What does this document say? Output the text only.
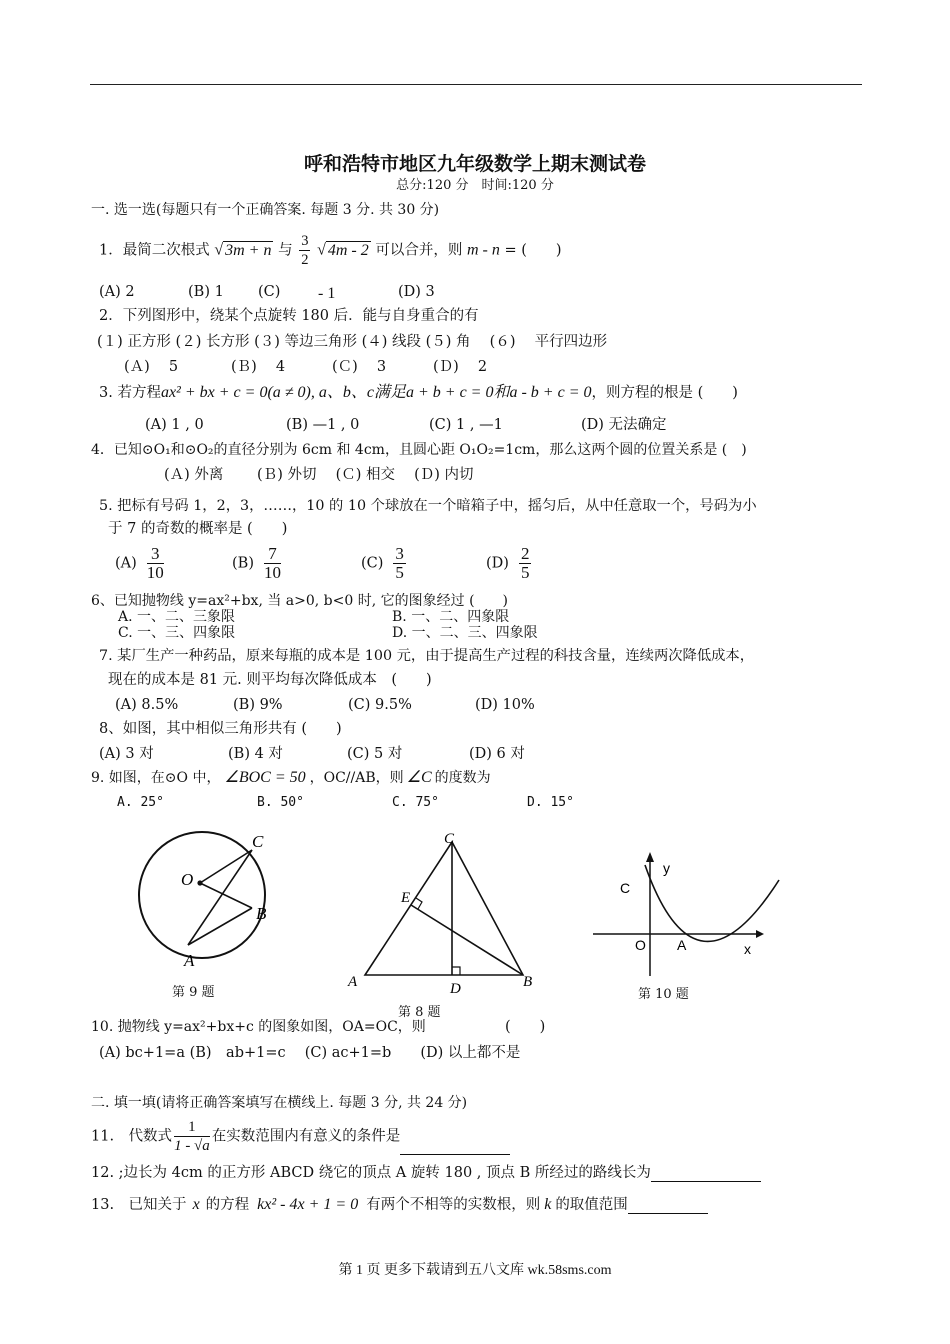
呼和浩特市地区九年级数学上期末测试卷
总分:120 分　时间:120 分
一. 选一选(每题只有一个正确答案. 每题 3 分. 共 30 分)
1．最简二次根式 √ 3m + n 与 $\frac{3}{2}$ √ 4m - 2 可以合并，则 m - n = (　　)
(A) 2	(B) 1 (C) - 1	(D) 3
2．下列图形中，绕某个点旋转 180 后．能与自身重合的有
(１) 正方形 (２) 长方形 (３) 等边三角形 (４) 线段 (５) 角　 (６)　 平行四边形
(Ａ)　 5	(Ｂ)　 4	(Ｃ)　 3	(Ｄ)　 2
3. 若方程ax² + bx + c = 0(a ≠ 0), a、b、c满足a + b + c = 0和a - b + c = 0，则方程的根是 (　　)
(A) 1 , 0	(B) —1 , 0	(C) 1 , —1	(D) 无法确定
4．已知⊙O₁和⊙O₂的直径分别为 6cm 和 4cm，且圆心距 O₁O₂=1cm，那么这两个圆的位置关系是 (　)
(Ａ) 外离　　 (Ｂ) 外切　 (Ｃ) 相交　 (Ｄ) 内切
5. 把标有号码 1，2，3，……，10 的 10 个球放在一个暗箱子中，摇匀后，从中任意取一个，号码为小
于 7 的奇数的概率是 (　　)
$(A) \frac{3}{10}$	$(B) \frac{7}{10}$	$(C) \frac{3}{5}$	$(D) \frac{2}{5}$
6、已知抛物线 y=ax²+bx, 当 a>0, b<0 时, 它的图象经过 (　　)
A. 一、二、三象限	B. 一、二、四象限
C. 一、三、四象限	D. 一、二、三、四象限
7. 某厂生产一种药品，原来每瓶的成本是 100 元，由于提高生产过程的科技含量，连续两次降低成本，
现在的成本是 81 元. 则平均每次降低成本　(　　)
(A) 8.5%	(B) 9%	(C) 9.5%	(D) 10%
8、如图，其中相似三角形共有 (　　)
(A) 3 对	(B) 4 对	(C) 5 对	(D) 6 对
9. 如图，在⊙O 中， ∠BOC = 50 ，OC//AB，则 ∠C 的度数为
A. 25°	B. 50°	C. 75°	D. 15°
C
O
B
A
第 9 题
C
E
A	D	B
第 8 题
y
C
O A	x
第 10 题
10. 抛物线 y=ax²+bx+c 的图象如图，OA=OC，则	(　　)
(A) bc+1=a (B)　ab+1=c　 (C) ac+1=b　　(D) 以上都不是
二. 填一填(请将正确答案填写在横线上. 每题 3 分, 共 24 分)
11.　代数式 $\frac{1}{1 - √a}$ 在实数范围内有意义的条件是
12. ;边长为 4cm 的正方形 ABCD 绕它的顶点 A 旋转 180 , 顶点 B 所经过的路线长为
13.　已知关于 x 的方程 kx² - 4x + 1 = 0 有两个不相等的实数根，则 k 的取值范围
第 1 页 更多下载请到五八文库 wk.58sms.com
